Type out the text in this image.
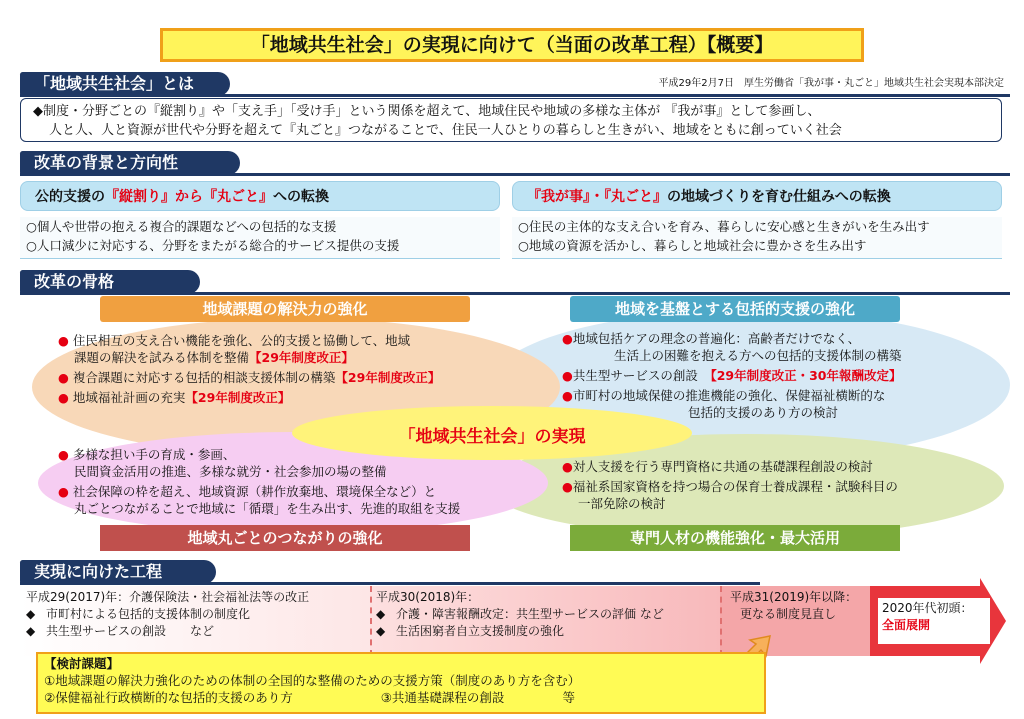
「地域共生社会」の実現に向けて（当面の改革工程）【概要】
「地域共生社会」とは	平成29年2月7日　厚生労働省「我が事・丸ごと」地域共生社会実現本部決定
◆制度・分野ごとの『縦割り』や「支え手」「受け手」という関係を超えて、地域住民や地域の多様な主体が 『我が事』として参画し、
人と人、人と資源が世代や分野を超えて『丸ごと』つながることで、住民一人ひとりの暮らしと生きがい、地域をともに創っていく社会
改革の背景と方向性
公的支援の『縦割り』から『丸ごと』への転換
○個人や世帯の抱える複合的課題などへの包括的な支援
○人口減少に対応する、分野をまたがる総合的サービス提供の支援
『我が事』・『丸ごと』の地域づくりを育む仕組みへの転換
○住民の主体的な支え合いを育み、暮らしに安心感と生きがいを生み出す
○地域の資源を活かし、暮らしと地域社会に豊かさを生み出す
改革の骨格
地域課題の解決力の強化	地域を基盤とする包括的支援の強化
地域丸ごとのつながりの強化	専門人材の機能強化・最大活用
「地域共生社会」の実現
● 住民相互の支え合い機能を強化、公的支援と協働して、地域
課題の解決を試みる体制を整備【29年制度改正】
● 複合課題に対応する包括的相談支援体制の構築【29年制度改正】
● 地域福祉計画の充実【29年制度改正】
●地域包括ケアの理念の普遍化：高齢者だけでなく、
生活上の困難を抱える方への包括的支援体制の構築
●共生型サービスの創設　 【29年制度改正・30年報酬改定】
●市町村の地域保健の推進機能の強化、保健福祉横断的な
包括的支援のあり方の検討
● 多様な担い手の育成・参画、
民間資金活用の推進、多様な就労・社会参加の場の整備
● 社会保障の枠を超え、地域資源（耕作放棄地、環境保全など）と
丸ごとつながることで地域に「循環」を生み出す、先進的取組を支援
●対人支援を行う専門資格に共通の基礎課程創設の検討
●福祉系国家資格を持つ場合の保育士養成課程・試験科目の
一部免除の検討
実現に向けた工程
平成29(2017)年：介護保険法・社会福祉法等の改正
◆ 市町村による包括的支援体制の制度化
◆ 共生型サービスの創設　　など
平成30(2018)年：
◆ 介護・障害報酬改定：共生型サービスの評価 など
◆ 生活困窮者自立支援制度の強化
平成31(2019)年以降：
更なる制度見直し	2020年代初頭：
全面展開
【検討課題】
①地域課題の解決力強化のための体制の全国的な整備のための支援方策（制度のあり方を含む）
②保健福祉行政横断的な包括的支援のあり方	③共通基礎課程の創設	等
